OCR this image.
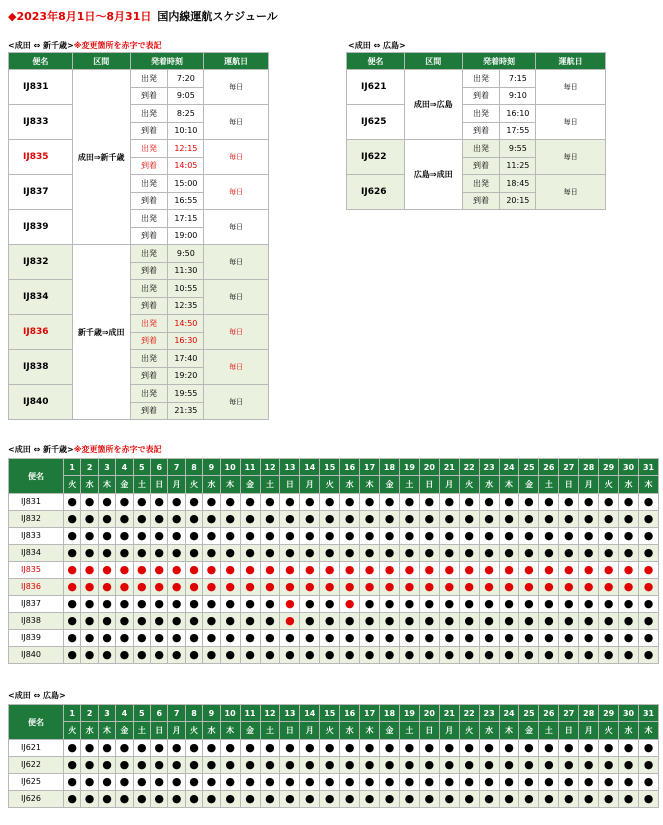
◆2023年8月1日～8月31日 国内線運航スケジュール
<成田 ⇔ 新千歳>※変更箇所を赤字で表記	<成田 ⇔ 広島>
便名	区間	発着時刻		運航日
IJ831	成田⇒新千歳	出発	7:20	毎日
		到着	9:05	
IJ833		出発	8:25	毎日
		到着	10:10	
IJ835		出発	12:15	毎日
		到着	14:05	
IJ837		出発	15:00	毎日
		到着	16:55	
IJ839		出発	17:15	毎日
		到着	19:00	
IJ832	新千歳⇒成田	出発	9:50	毎日
		到着	11:30	
IJ834		出発	10:55	毎日
		到着	12:35	
IJ836		出発	14:50	毎日
		到着	16:30	
IJ838		出発	17:40	毎日
		到着	19:20	
IJ840		出発	19:55	毎日
		到着	21:35	
便名	区間	発着時刻		運航日
IJ621	成田⇒広島	出発	7:15	毎日
		到着	9:10	
IJ625		出発	16:10	毎日
		到着	17:55	
IJ622	広島⇒成田	出発	9:55	毎日
		到着	11:25	
IJ626		出発	18:45	毎日
		到着	20:15	
<成田 ⇔ 新千歳>※変更箇所を赤字で表記
便名	1	2	3	4	5	6	7	8	9	10	11	12	13	14	15	16	17	18	19	20	21	22	23	24	25	26	27	28	29	30	31
	火	水	木	金	土	日	月	火	水	木	金	土	日	月	火	水	木	金	土	日	月	火	水	木	金	土	日	月	火	水	木
IJ831	●	●	●	●	●	●	●	●	●	●	●	●	●	●	●	●	●	●	●	●	●	●	●	●	●	●	●	●	●	●	●
IJ832	●	●	●	●	●	●	●	●	●	●	●	●	●	●	●	●	●	●	●	●	●	●	●	●	●	●	●	●	●	●	●
IJ833	●	●	●	●	●	●	●	●	●	●	●	●	●	●	●	●	●	●	●	●	●	●	●	●	●	●	●	●	●	●	●
IJ834	●	●	●	●	●	●	●	●	●	●	●	●	●	●	●	●	●	●	●	●	●	●	●	●	●	●	●	●	●	●	●
IJ835	●	●	●	●	●	●	●	●	●	●	●	●	●	●	●	●	●	●	●	●	●	●	●	●	●	●	●	●	●	●	●
IJ836	●	●	●	●	●	●	●	●	●	●	●	●	●	●	●	●	●	●	●	●	●	●	●	●	●	●	●	●	●	●	●
IJ837	●	●	●	●	●	●	●	●	●	●	●	●	●	●	●	●	●	●	●	●	●	●	●	●	●	●	●	●	●	●	●
IJ838	●	●	●	●	●	●	●	●	●	●	●	●	●	●	●	●	●	●	●	●	●	●	●	●	●	●	●	●	●	●	●
IJ839	●	●	●	●	●	●	●	●	●	●	●	●	●	●	●	●	●	●	●	●	●	●	●	●	●	●	●	●	●	●	●
IJ840	●	●	●	●	●	●	●	●	●	●	●	●	●	●	●	●	●	●	●	●	●	●	●	●	●	●	●	●	●	●	●
<成田 ⇔ 広島>
便名	1	2	3	4	5	6	7	8	9	10	11	12	13	14	15	16	17	18	19	20	21	22	23	24	25	26	27	28	29	30	31
	火	水	木	金	土	日	月	火	水	木	金	土	日	月	火	水	木	金	土	日	月	火	水	木	金	土	日	月	火	水	木
IJ621	●	●	●	●	●	●	●	●	●	●	●	●	●	●	●	●	●	●	●	●	●	●	●	●	●	●	●	●	●	●	●
IJ622	●	●	●	●	●	●	●	●	●	●	●	●	●	●	●	●	●	●	●	●	●	●	●	●	●	●	●	●	●	●	●
IJ625	●	●	●	●	●	●	●	●	●	●	●	●	●	●	●	●	●	●	●	●	●	●	●	●	●	●	●	●	●	●	●
IJ626	●	●	●	●	●	●	●	●	●	●	●	●	●	●	●	●	●	●	●	●	●	●	●	●	●	●	●	●	●	●	●
